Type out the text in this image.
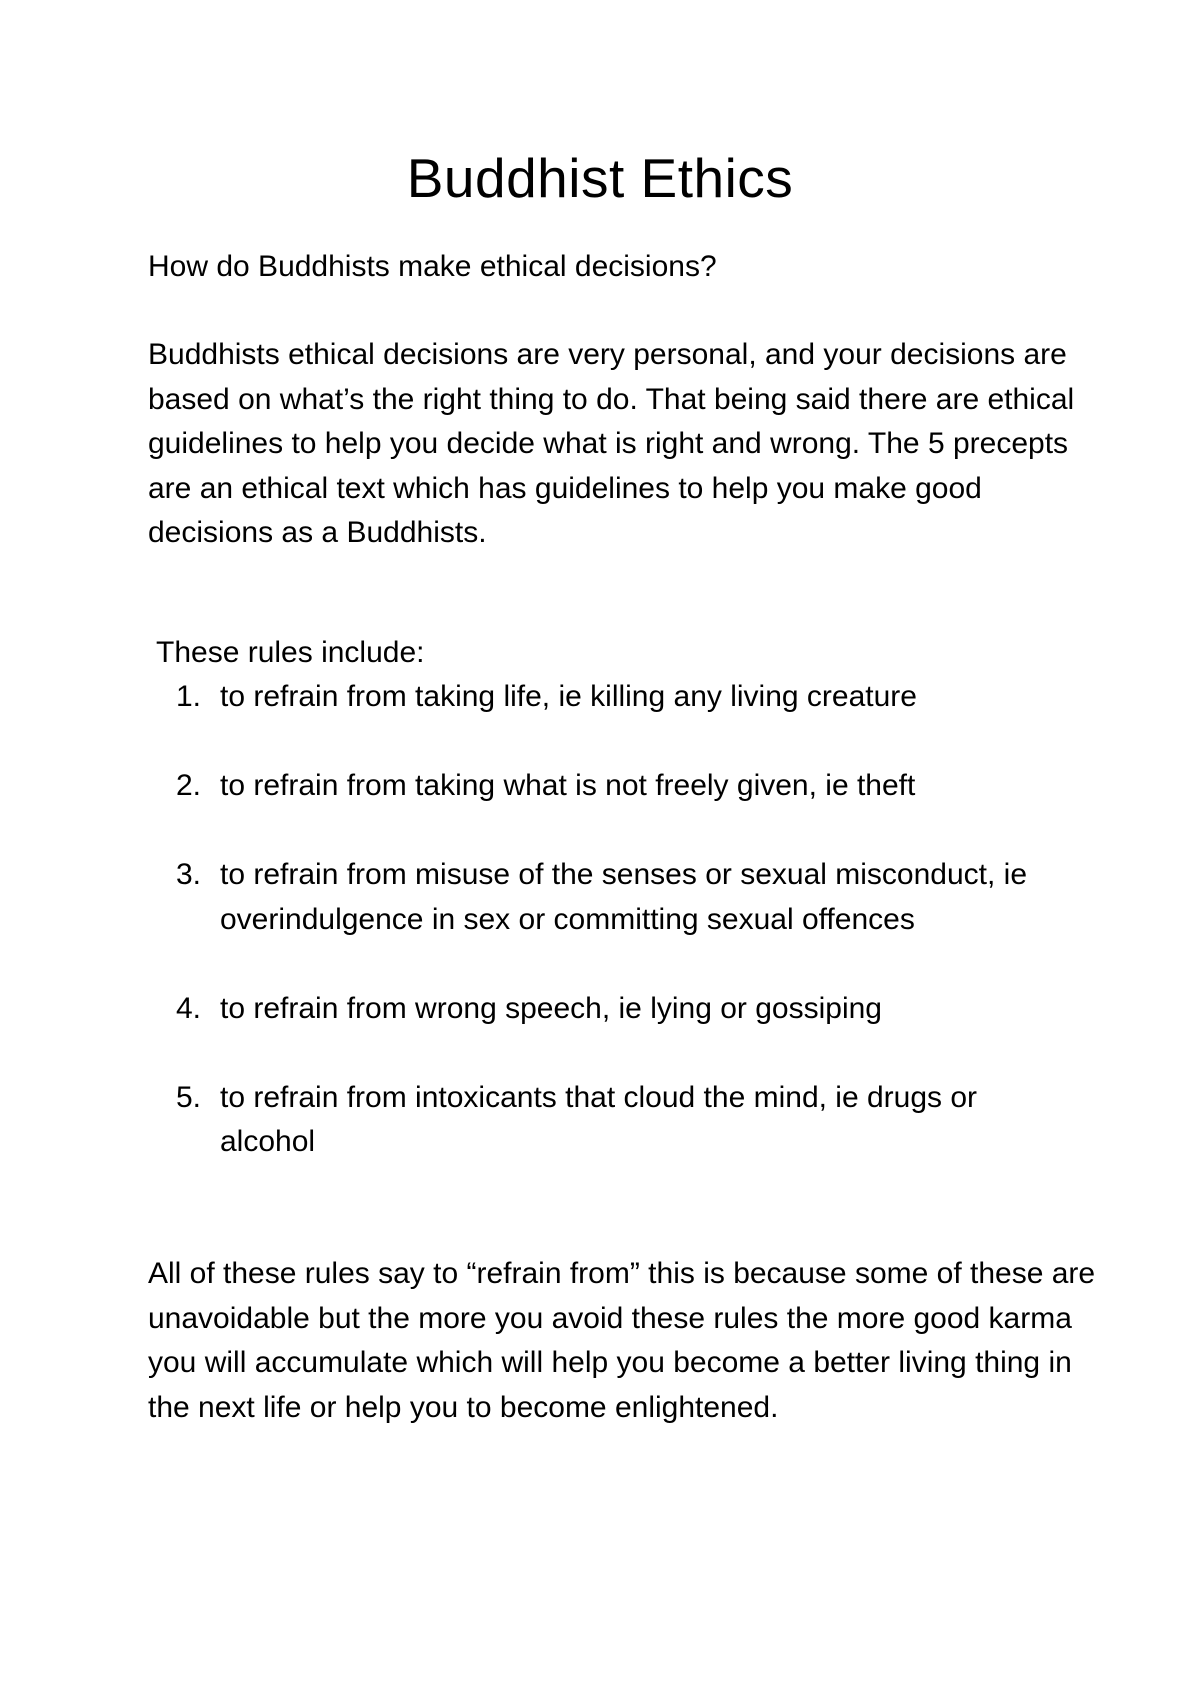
Buddhist Ethics

How do Buddhists make ethical decisions?

Buddhists ethical decisions are very personal, and your decisions are based on what’s the right thing to do. That being said there are ethical guidelines to help you decide what is right and wrong. The 5 precepts are an ethical text which has guidelines to help you make good decisions as a Buddhists.

These rules include:

1. to refrain from taking life, ie killing any living creature
2. to refrain from taking what is not freely given, ie theft
3. to refrain from misuse of the senses or sexual misconduct, ie overindulgence in sex or committing sexual offences
4. to refrain from wrong speech, ie lying or gossiping
5. to refrain from intoxicants that cloud the mind, ie drugs or alcohol

All of these rules say to “refrain from” this is because some of these are unavoidable but the more you avoid these rules the more good karma you will accumulate which will help you become a better living thing in the next life or help you to become enlightened.
